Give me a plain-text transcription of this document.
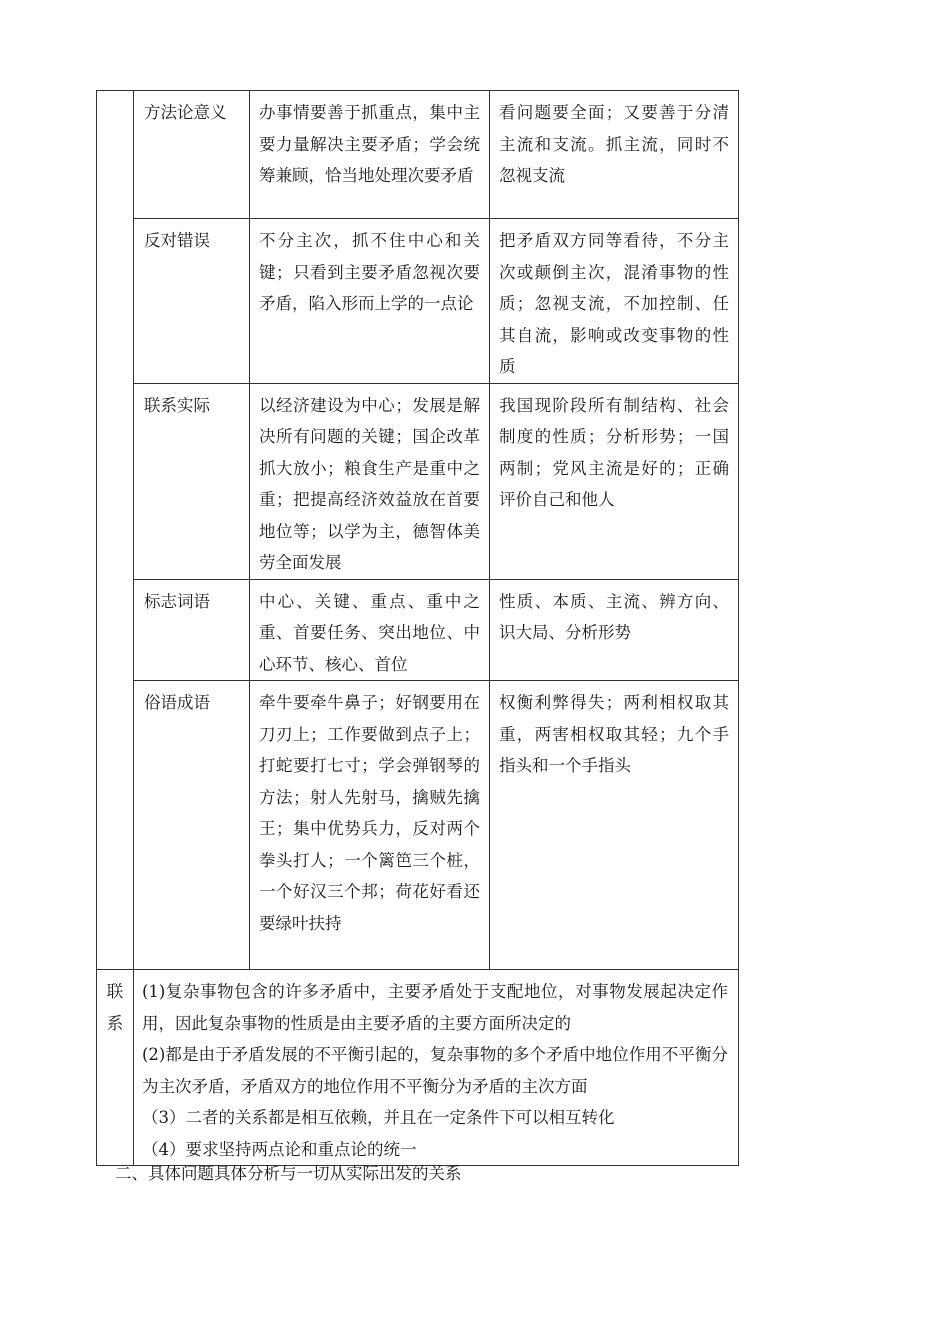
	方法论意义	办事情要善于抓重点，集中主要力量解决主要矛盾；学会统筹兼顾，恰当地处理次要矛盾	看问题要全面；又要善于分清主流和支流。抓主流，同时不忽视支流
	反对错误	不分主次，抓不住中心和关键；只看到主要矛盾忽视次要矛盾，陷入形而上学的一点论	把矛盾双方同等看待，不分主次或颠倒主次，混淆事物的性质；忽视支流，不加控制、任其自流，影响或改变事物的性质
	联系实际	以经济建设为中心；发展是解决所有问题的关键；国企改革抓大放小；粮食生产是重中之重；把提高经济效益放在首要地位等；以学为主，德智体美劳全面发展	我国现阶段所有制结构、社会制度的性质；分析形势；一国两制；党风主流是好的；正确评价自己和他人
	标志词语	中心、关键、重点、重中之重、首要任务、突出地位、中心环节、核心、首位	性质、本质、主流、辨方向、识大局、分析形势
	俗语成语	牵牛要牵牛鼻子；好钢要用在刀刃上；工作要做到点子上；打蛇要打七寸；学会弹钢琴的方法；射人先射马，擒贼先擒王；集中优势兵力，反对两个拳头打人；一个篱笆三个桩，一个好汉三个邦；荷花好看还要绿叶扶持	权衡利弊得失；两利相权取其重，两害相权取其轻；九个手指头和一个手指头

联
系	(1)复杂事物包含的许多矛盾中，主要矛盾处于支配地位，对事物发展起决定作用，因此复杂事物的性质是由主要矛盾的主要方面所决定的
(2)都是由于矛盾发展的不平衡引起的，复杂事物的多个矛盾中地位作用不平衡分为主次矛盾，矛盾双方的地位作用不平衡分为矛盾的主次方面
（3）二者的关系都是相互依赖，并且在一定条件下可以相互转化
（4）要求坚持两点论和重点论的统一		
二、具体问题具体分析与一切从实际出发的关系
